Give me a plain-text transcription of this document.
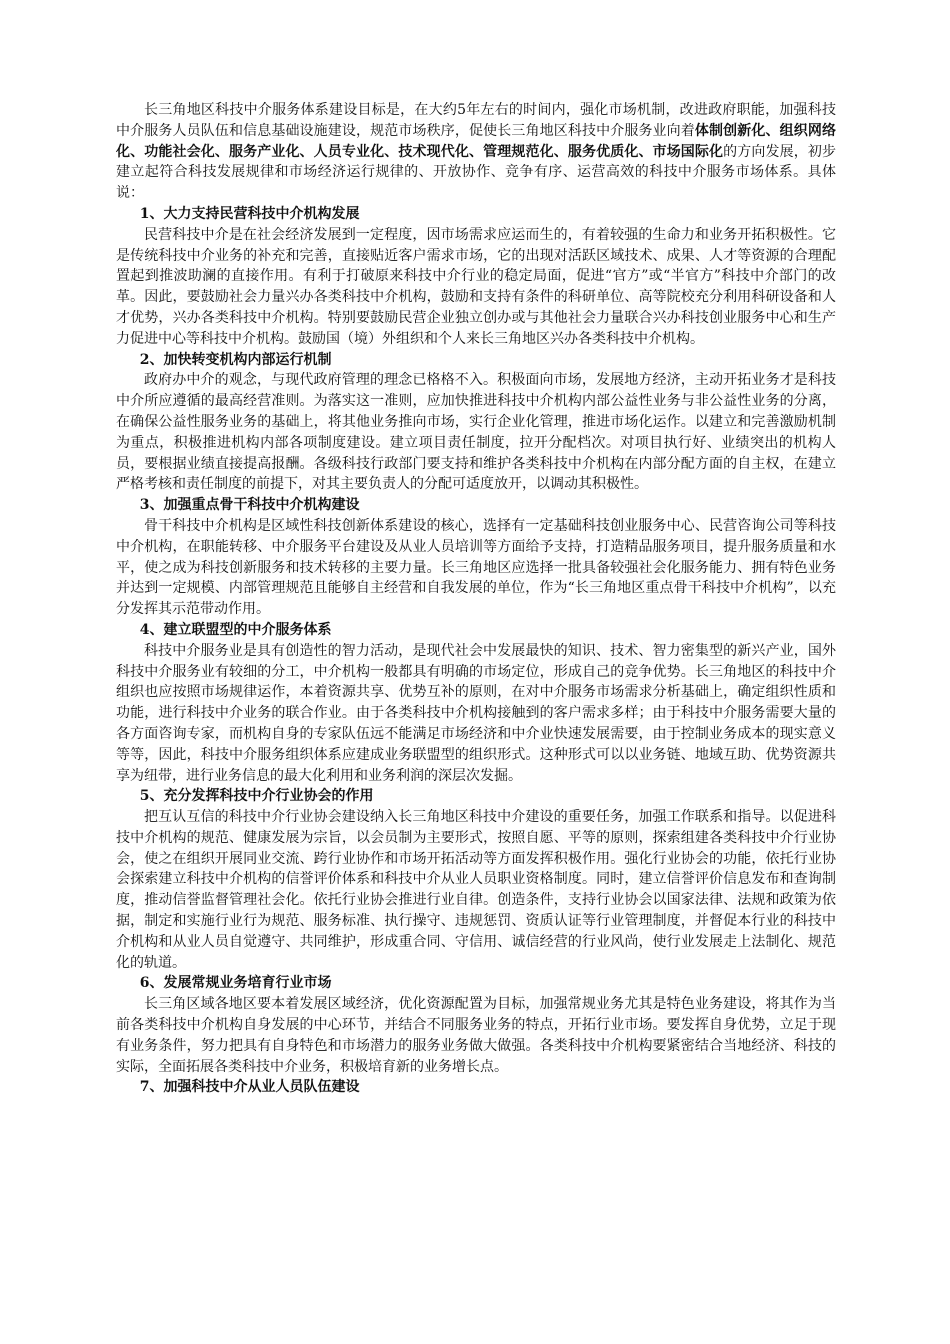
长三角地区科技中介服务体系建设目标是，在大约5年左右的时间内，强化市场机制，改进政府职能，加强科技中介服务人员队伍和信息基础设施建设，规范市场秩序，促使长三角地区科技中介服务业向着体制创新化、组织网络化、功能社会化、服务产业化、人员专业化、技术现代化、管理规范化、服务优质化、市场国际化的方向发展，初步建立起符合科技发展规律和市场经济运行规律的、开放协作、竞争有序、运营高效的科技中介服务市场体系。具体说：

1、大力支持民营科技中介机构发展

民营科技中介是在社会经济发展到一定程度，因市场需求应运而生的，有着较强的生命力和业务开拓积极性。它是传统科技中介业务的补充和完善，直接贴近客户需求市场，它的出现对活跃区域技术、成果、人才等资源的合理配置起到推波助澜的直接作用。有利于打破原来科技中介行业的稳定局面，促进“官方”或“半官方”科技中介部门的改革。因此，要鼓励社会力量兴办各类科技中介机构，鼓励和支持有条件的科研单位、高等院校充分利用科研设备和人才优势，兴办各类科技中介机构。特别要鼓励民营企业独立创办或与其他社会力量联合兴办科技创业服务中心和生产力促进中心等科技中介机构。鼓励国（境）外组织和个人来长三角地区兴办各类科技中介机构。

2、加快转变机构内部运行机制

政府办中介的观念，与现代政府管理的理念已格格不入。积极面向市场，发展地方经济，主动开拓业务才是科技中介所应遵循的最高经营准则。为落实这一准则，应加快推进科技中介机构内部公益性业务与非公益性业务的分离，在确保公益性服务业务的基础上，将其他业务推向市场，实行企业化管理，推进市场化运作。以建立和完善激励机制为重点，积极推进机构内部各项制度建设。建立项目责任制度，拉开分配档次。对项目执行好、业绩突出的机构人员，要根据业绩直接提高报酬。各级科技行政部门要支持和维护各类科技中介机构在内部分配方面的自主权，在建立严格考核和责任制度的前提下，对其主要负责人的分配可适度放开，以调动其积极性。

3、加强重点骨干科技中介机构建设

骨干科技中介机构是区域性科技创新体系建设的核心，选择有一定基础科技创业服务中心、民营咨询公司等科技中介机构，在职能转移、中介服务平台建设及从业人员培训等方面给予支持，打造精品服务项目，提升服务质量和水平，使之成为科技创新服务和技术转移的主要力量。长三角地区应选择一批具备较强社会化服务能力、拥有特色业务并达到一定规模、内部管理规范且能够自主经营和自我发展的单位，作为“长三角地区重点骨干科技中介机构”，以充分发挥其示范带动作用。

4、建立联盟型的中介服务体系

科技中介服务业是具有创造性的智力活动，是现代社会中发展最快的知识、技术、智力密集型的新兴产业，国外科技中介服务业有较细的分工，中介机构一般都具有明确的市场定位，形成自己的竞争优势。长三角地区的科技中介组织也应按照市场规律运作，本着资源共享、优势互补的原则，在对中介服务市场需求分析基础上，确定组织性质和功能，进行科技中介业务的联合作业。由于各类科技中介机构接触到的客户需求多样；由于科技中介服务需要大量的各方面咨询专家，而机构自身的专家队伍远不能满足市场经济和中介业快速发展需要，由于控制业务成本的现实意义等等，因此，科技中介服务组织体系应建成业务联盟型的组织形式。这种形式可以以业务链、地域互助、优势资源共享为纽带，进行业务信息的最大化利用和业务利润的深层次发掘。

5、充分发挥科技中介行业协会的作用

把互认互信的科技中介行业协会建设纳入长三角地区科技中介建设的重要任务，加强工作联系和指导。以促进科技中介机构的规范、健康发展为宗旨，以会员制为主要形式，按照自愿、平等的原则，探索组建各类科技中介行业协会，使之在组织开展同业交流、跨行业协作和市场开拓活动等方面发挥积极作用。强化行业协会的功能，依托行业协会探索建立科技中介机构的信誉评价体系和科技中介从业人员职业资格制度。同时，建立信誉评价信息发布和查询制度，推动信誉监督管理社会化。依托行业协会推进行业自律。创造条件，支持行业协会以国家法律、法规和政策为依据，制定和实施行业行为规范、服务标准、执行操守、违规惩罚、资质认证等行业管理制度，并督促本行业的科技中介机构和从业人员自觉遵守、共同维护，形成重合同、守信用、诚信经营的行业风尚，使行业发展走上法制化、规范化的轨道。

6、发展常规业务培育行业市场

长三角区域各地区要本着发展区域经济，优化资源配置为目标，加强常规业务尤其是特色业务建设，将其作为当前各类科技中介机构自身发展的中心环节，并结合不同服务业务的特点，开拓行业市场。要发挥自身优势，立足于现有业务条件，努力把具有自身特色和市场潜力的服务业务做大做强。各类科技中介机构要紧密结合当地经济、科技的实际，全面拓展各类科技中介业务，积极培育新的业务增长点。

7、加强科技中介从业人员队伍建设
